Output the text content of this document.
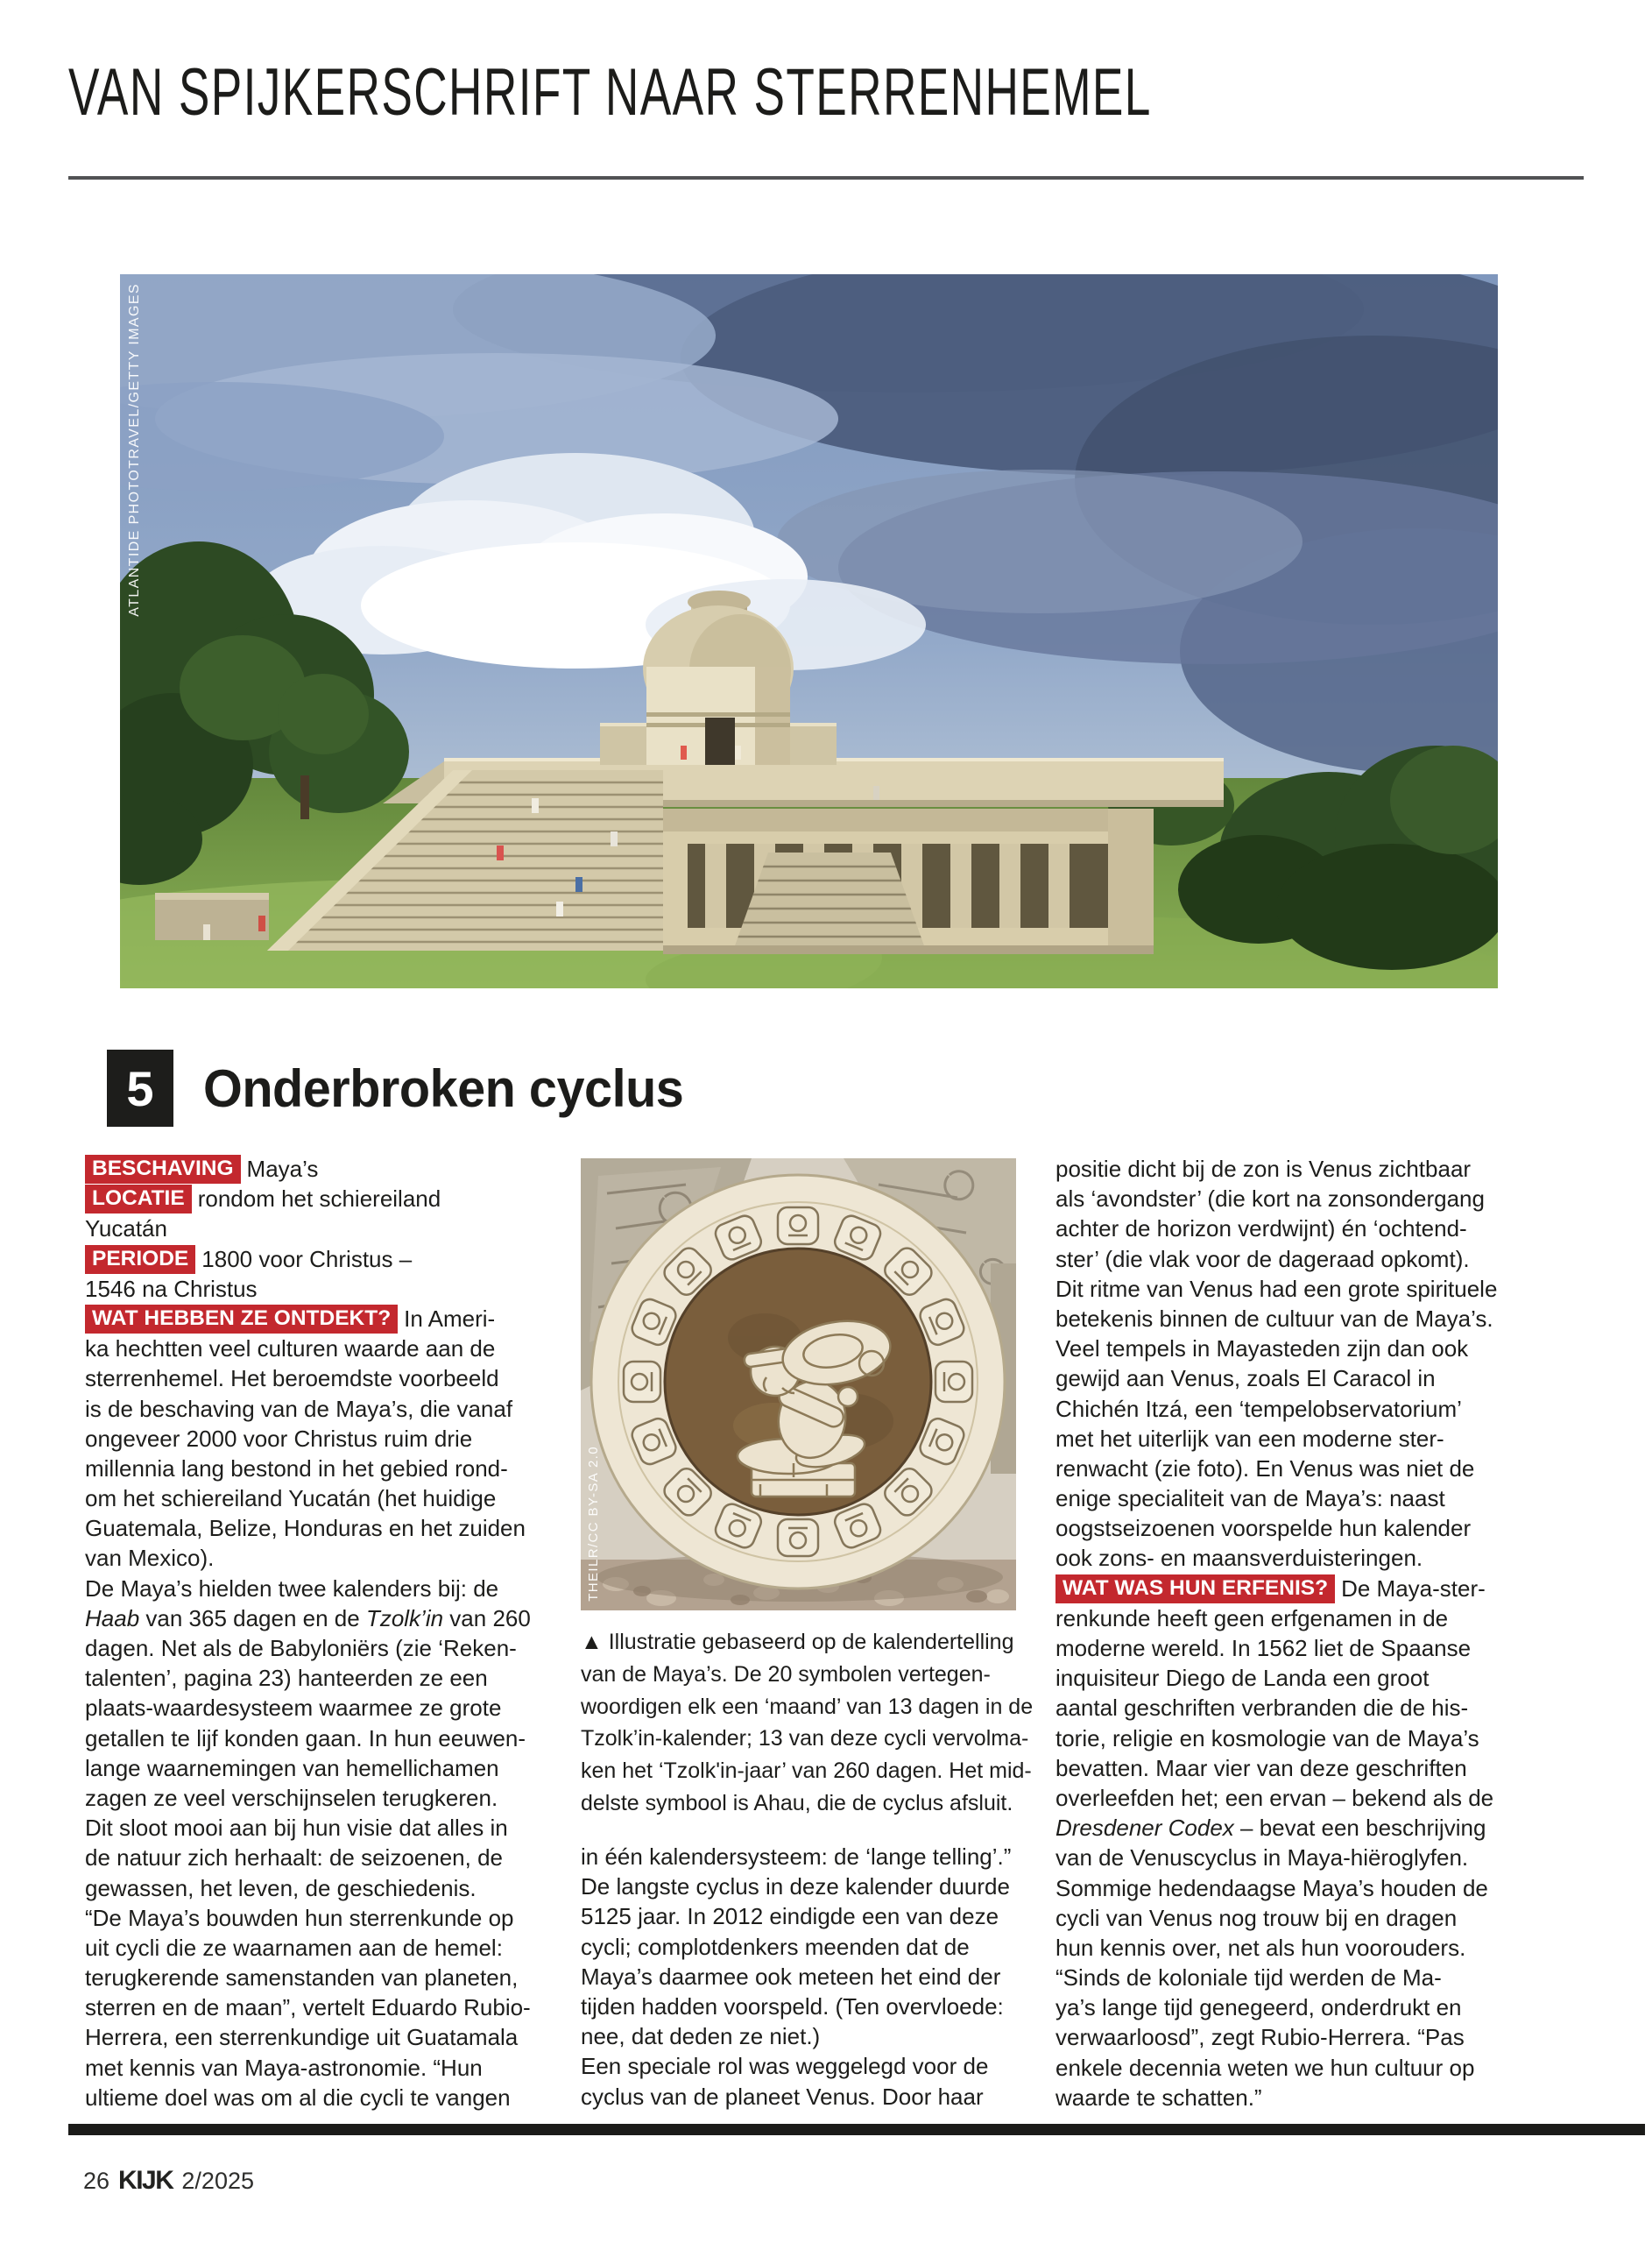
VAN SPIJKERSCHRIFT NAAR STERRENHEMEL
ATLANTIDE PHOTOTRAVEL/GETTY IMAGES
5 Onderbroken cyclus
BESCHAVING Maya’s
LOCATIE rondom het schiereiland
Yucatán
PERIODE 1800 voor Christus –
1546 na Christus
WAT HEBBEN ZE ONTDEKT? In Ameri-
ka hechtten veel culturen waarde aan de
sterrenhemel. Het beroemdste voorbeeld
is de beschaving van de Maya’s, die vanaf
ongeveer 2000 voor Christus ruim drie
millennia lang bestond in het gebied rond-
om het schiereiland Yucatán (het huidige
Guatemala, Belize, Honduras en het zuiden
van Mexico).
De Maya’s hielden twee kalenders bij: de
Haab van 365 dagen en de Tzolk’in van 260
dagen. Net als de Babyloniërs (zie ‘Reken-
talenten’, pagina 23) hanteerden ze een
plaats-waardesysteem waarmee ze grote
getallen te lijf konden gaan. In hun eeuwen-
lange waarnemingen van hemellichamen
zagen ze veel verschijnselen terugkeren.
Dit sloot mooi aan bij hun visie dat alles in
de natuur zich herhaalt: de seizoenen, de
gewassen, het leven, de geschiedenis.
“De Maya’s bouwden hun sterrenkunde op
uit cycli die ze waarnamen aan de hemel:
terugkerende samenstanden van planeten,
sterren en de maan”, vertelt Eduardo Rubio-
Herrera, een sterrenkundige uit Guatamala
met kennis van Maya-astronomie. “Hun
ultieme doel was om al die cycli te vangen
THEILR/CC BY-SA 2.0
▲ Illustratie gebaseerd op de kalendertelling
van de Maya’s. De 20 symbolen vertegen-
woordigen elk een ‘maand’ van 13 dagen in de
Tzolk’in-kalender; 13 van deze cycli vervolma-
ken het ‘Tzolk'in-jaar’ van 260 dagen. Het mid-
delste symbool is Ahau, die de cyclus afsluit.
in één kalendersysteem: de ‘lange telling’.”
De langste cyclus in deze kalender duurde
5125 jaar. In 2012 eindigde een van deze
cycli; complotdenkers meenden dat de
Maya’s daarmee ook meteen het eind der
tijden hadden voorspeld. (Ten overvloede:
nee, dat deden ze niet.)
Een speciale rol was weggelegd voor de
cyclus van de planeet Venus. Door haar
positie dicht bij de zon is Venus zichtbaar
als ‘avondster’ (die kort na zonsondergang
achter de horizon verdwijnt) én ‘ochtend-
ster’ (die vlak voor de dageraad opkomt).
Dit ritme van Venus had een grote spirituele
betekenis binnen de cultuur van de Maya’s.
Veel tempels in Mayasteden zijn dan ook
gewijd aan Venus, zoals El Caracol in
Chichén Itzá, een ‘tempelobservatorium’
met het uiterlijk van een moderne ster-
renwacht (zie foto). En Venus was niet de
enige specialiteit van de Maya’s: naast
oogstseizoenen voorspelde hun kalender
ook zons- en maansverduisteringen.
WAT WAS HUN ERFENIS? De Maya-ster-
renkunde heeft geen erfgenamen in de
moderne wereld. In 1562 liet de Spaanse
inquisiteur Diego de Landa een groot
aantal geschriften verbranden die de his-
torie, religie en kosmologie van de Maya’s
bevatten. Maar vier van deze geschriften
overleefden het; een ervan – bekend als de
Dresdener Codex – bevat een beschrijving
van de Venuscyclus in Maya-hiëroglyfen.
Sommige hedendaagse Maya’s houden de
cycli van Venus nog trouw bij en dragen
hun kennis over, net als hun voorouders.
“Sinds de koloniale tijd werden de Ma-
ya’s lange tijd genegeerd, onderdrukt en
verwaarloosd”, zegt Rubio-Herrera. “Pas
enkele decennia weten we hun cultuur op
waarde te schatten.”
26 KIJK 2/2025
